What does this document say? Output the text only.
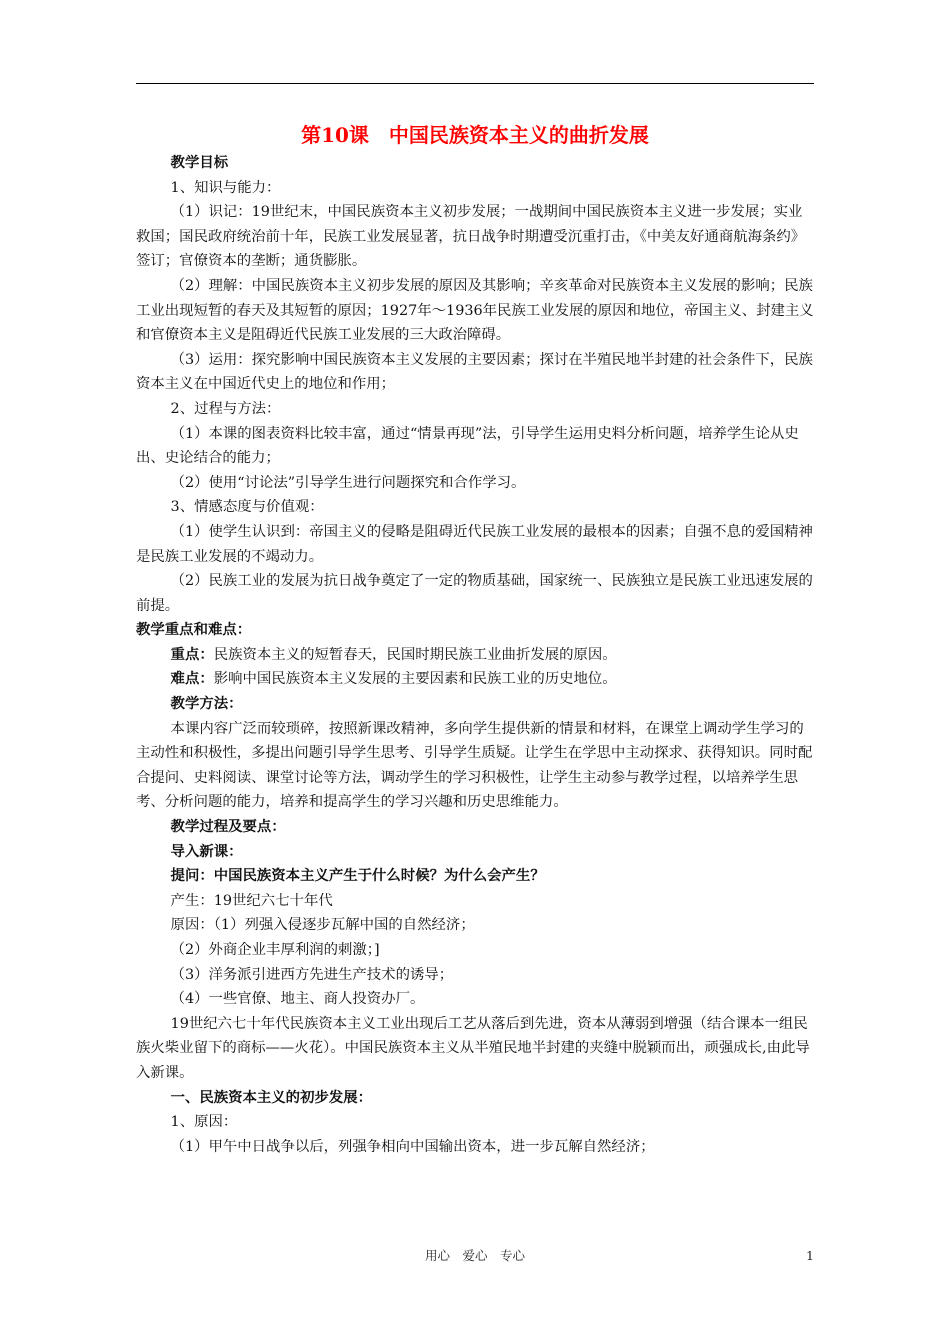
第10课　中国民族资本主义的曲折发展

教学目标

1、知识与能力：

（1）识记：19世纪末，中国民族资本主义初步发展；一战期间中国民族资本主义进一步发展；实业救国；国民政府统治前十年，民族工业发展显著，抗日战争时期遭受沉重打击，《中美友好通商航海条约》签订；官僚资本的垄断；通货膨胀。

（2）理解：中国民族资本主义初步发展的原因及其影响；辛亥革命对民族资本主义发展的影响；民族工业出现短暂的春天及其短暂的原因；1927年～1936年民族工业发展的原因和地位，帝国主义、封建主义和官僚资本主义是阻碍近代民族工业发展的三大政治障碍。

（3）运用：探究影响中国民族资本主义发展的主要因素；探讨在半殖民地半封建的社会条件下，民族资本主义在中国近代史上的地位和作用；

2、过程与方法：

（1）本课的图表资料比较丰富，通过“情景再现”法，引导学生运用史料分析问题，培养学生论从史出、史论结合的能力；

（2）使用“讨论法”引导学生进行问题探究和合作学习。

3、情感态度与价值观：

（1）使学生认识到：帝国主义的侵略是阻碍近代民族工业发展的最根本的因素；自强不息的爱国精神是民族工业发展的不竭动力。

（2）民族工业的发展为抗日战争奠定了一定的物质基础，国家统一、民族独立是民族工业迅速发展的前提。

教学重点和难点：

重点：民族资本主义的短暂春天，民国时期民族工业曲折发展的原因。

难点：影响中国民族资本主义发展的主要因素和民族工业的历史地位。

教学方法：

本课内容广泛而较琐碎，按照新课改精神，多向学生提供新的情景和材料，在课堂上调动学生学习的主动性和积极性，多提出问题引导学生思考、引导学生质疑。让学生在学思中主动探求、获得知识。同时配合提问、史料阅读、课堂讨论等方法，调动学生的学习积极性，让学生主动参与教学过程，以培养学生思考、分析问题的能力，培养和提高学生的学习兴趣和历史思维能力。

教学过程及要点：

导入新课：

提问：中国民族资本主义产生于什么时候？为什么会产生？

产生：19世纪六七十年代

原因：（1）列强入侵逐步瓦解中国的自然经济；

（2）外商企业丰厚利润的刺激；]

（3）洋务派引进西方先进生产技术的诱导；

（4）一些官僚、地主、商人投资办厂。

19世纪六七十年代民族资本主义工业出现后工艺从落后到先进，资本从薄弱到增强（结合课本一组民族火柴业留下的商标——火花）。中国民族资本主义从半殖民地半封建的夹缝中脱颖而出，顽强成长,由此导入新课。

一、民族资本主义的初步发展：

1、原因：

（1）甲午中日战争以后，列强争相向中国输出资本，进一步瓦解自然经济；

用心　爱心　专心	1
